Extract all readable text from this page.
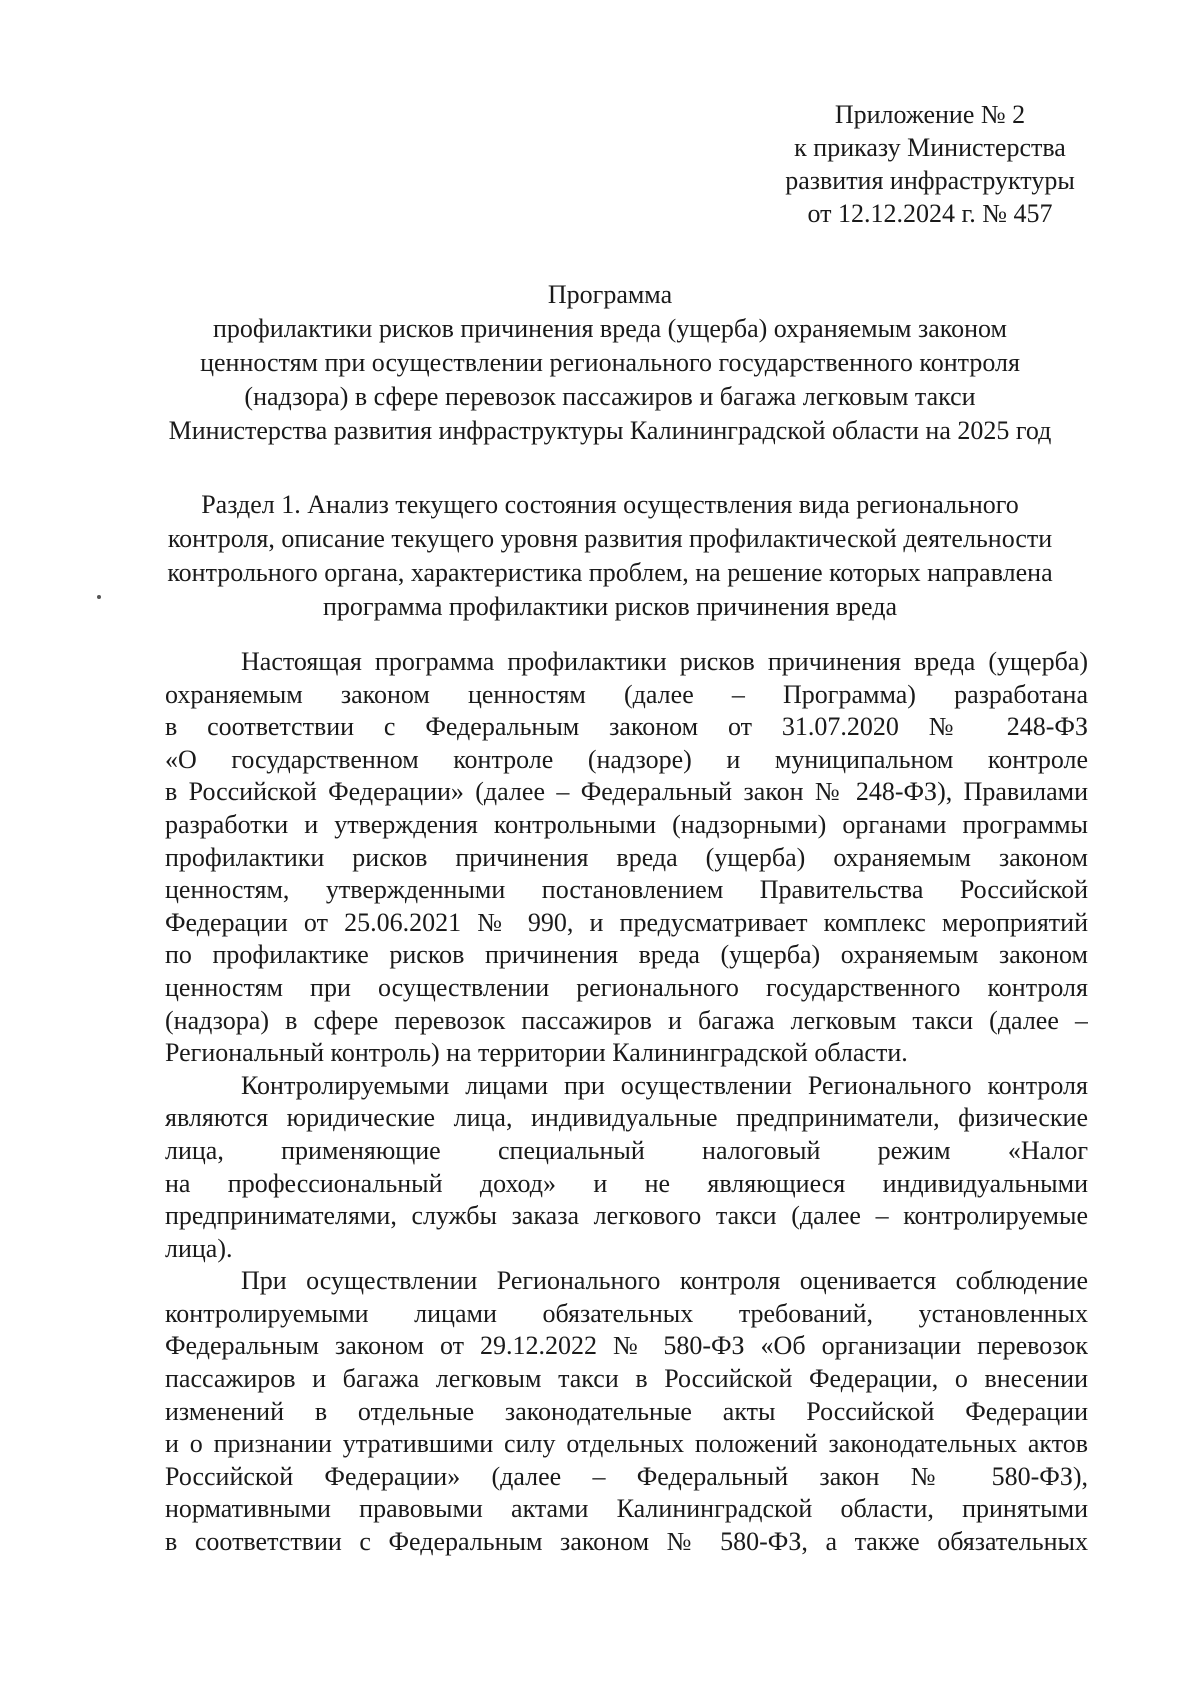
Приложение № 2
к приказу Министерства
развития инфраструктуры
от 12.12.2024 г. № 457
Программа
профилактики рисков причинения вреда (ущерба) охраняемым законом
ценностям при осуществлении регионального государственного контроля
(надзора) в сфере перевозок пассажиров и багажа легковым такси
Министерства развития инфраструктуры Калининградской области на 2025 год
Раздел 1. Анализ текущего состояния осуществления вида регионального
контроля, описание текущего уровня развития профилактической деятельности
контрольного органа, характеристика проблем, на решение которых направлена
программа профилактики рисков причинения вреда
Настоящая программа профилактики рисков причинения вреда (ущерба)
охраняемым законом ценностям (далее – Программа) разработана
в соответствии с Федеральным законом от 31.07.2020 № 248-ФЗ
«О государственном контроле (надзоре) и муниципальном контроле
в Российской Федерации» (далее – Федеральный закон № 248-ФЗ), Правилами
разработки и утверждения контрольными (надзорными) органами программы
профилактики рисков причинения вреда (ущерба) охраняемым законом
ценностям, утвержденными постановлением Правительства Российской
Федерации от 25.06.2021 № 990, и предусматривает комплекс мероприятий
по профилактике рисков причинения вреда (ущерба) охраняемым законом
ценностям при осуществлении регионального государственного контроля
(надзора) в сфере перевозок пассажиров и багажа легковым такси (далее –
Региональный контроль) на территории Калининградской области.
Контролируемыми лицами при осуществлении Регионального контроля
являются юридические лица, индивидуальные предприниматели, физические
лица, применяющие специальный налоговый режим «Налог
на профессиональный доход» и не являющиеся индивидуальными
предпринимателями, службы заказа легкового такси (далее – контролируемые
лица).
При осуществлении Регионального контроля оценивается соблюдение
контролируемыми лицами обязательных требований, установленных
Федеральным законом от 29.12.2022 № 580-ФЗ «Об организации перевозок
пассажиров и багажа легковым такси в Российской Федерации, о внесении
изменений в отдельные законодательные акты Российской Федерации
и о признании утратившими силу отдельных положений законодательных актов
Российской Федерации» (далее – Федеральный закон № 580-ФЗ),
нормативными правовыми актами Калининградской области, принятыми
в соответствии с Федеральным законом № 580-ФЗ, а также обязательных
